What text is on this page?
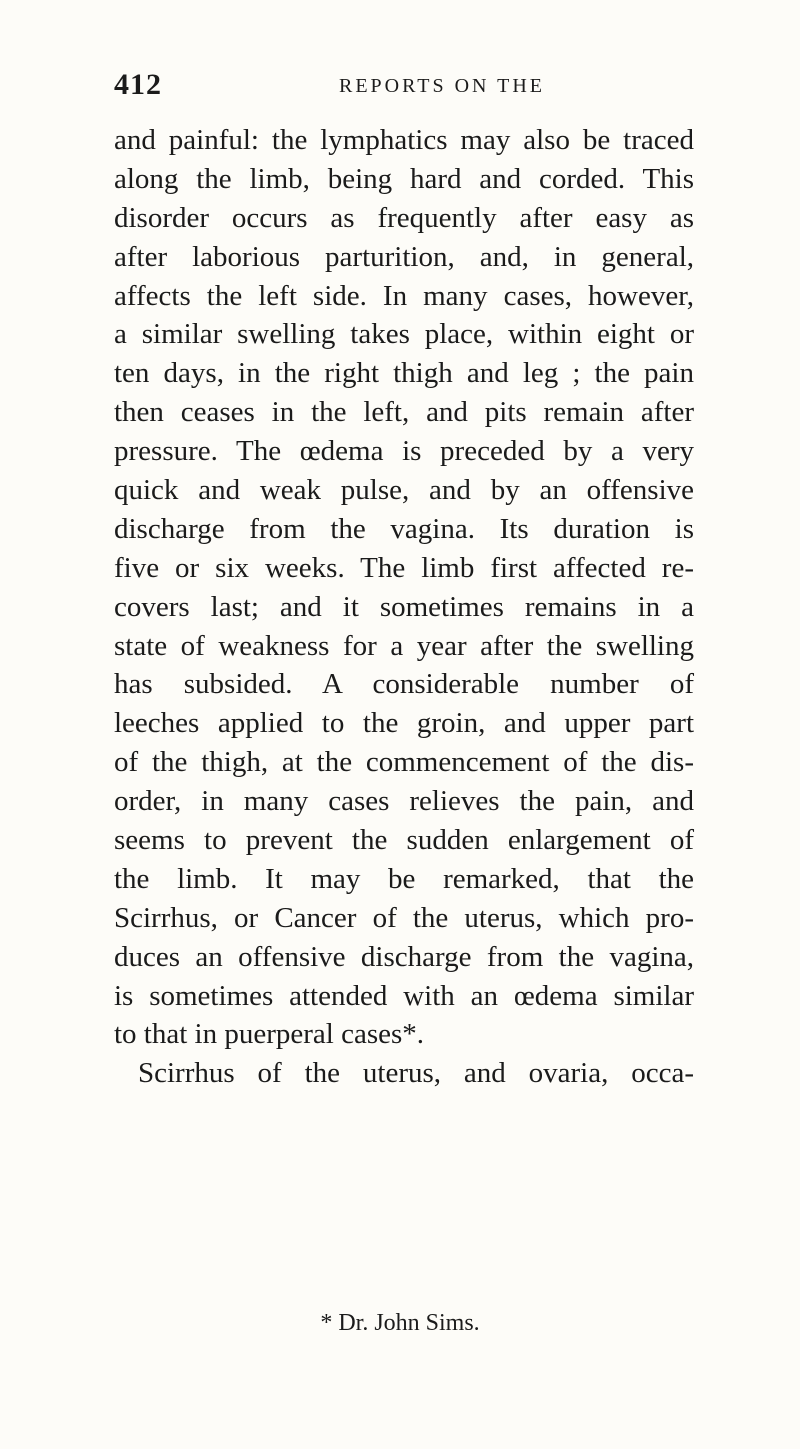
412	REPORTS ON THE
and painful: the lymphatics may also be traced
along the limb, being hard and corded. This
disorder occurs as frequently after easy as
after laborious parturition, and, in general,
affects the left side. In many cases, however,
a similar swelling takes place, within eight or
ten days, in the right thigh and leg ; the pain
then ceases in the left, and pits remain after
pressure. The œdema is preceded by a very
quick and weak pulse, and by an offensive
discharge from the vagina. Its duration is
five or six weeks. The limb first affected re-
covers last; and it sometimes remains in a
state of weakness for a year after the swelling
has subsided. A considerable number of
leeches applied to the groin, and upper part
of the thigh, at the commencement of the dis-
order, in many cases relieves the pain, and
seems to prevent the sudden enlargement of
the limb. It may be remarked, that the
Scirrhus, or Cancer of the uterus, which pro-
duces an offensive discharge from the vagina,
is sometimes attended with an œdema similar
to that in puerperal cases*.
Scirrhus of the uterus, and ovaria, occa-
* Dr. John Sims.
